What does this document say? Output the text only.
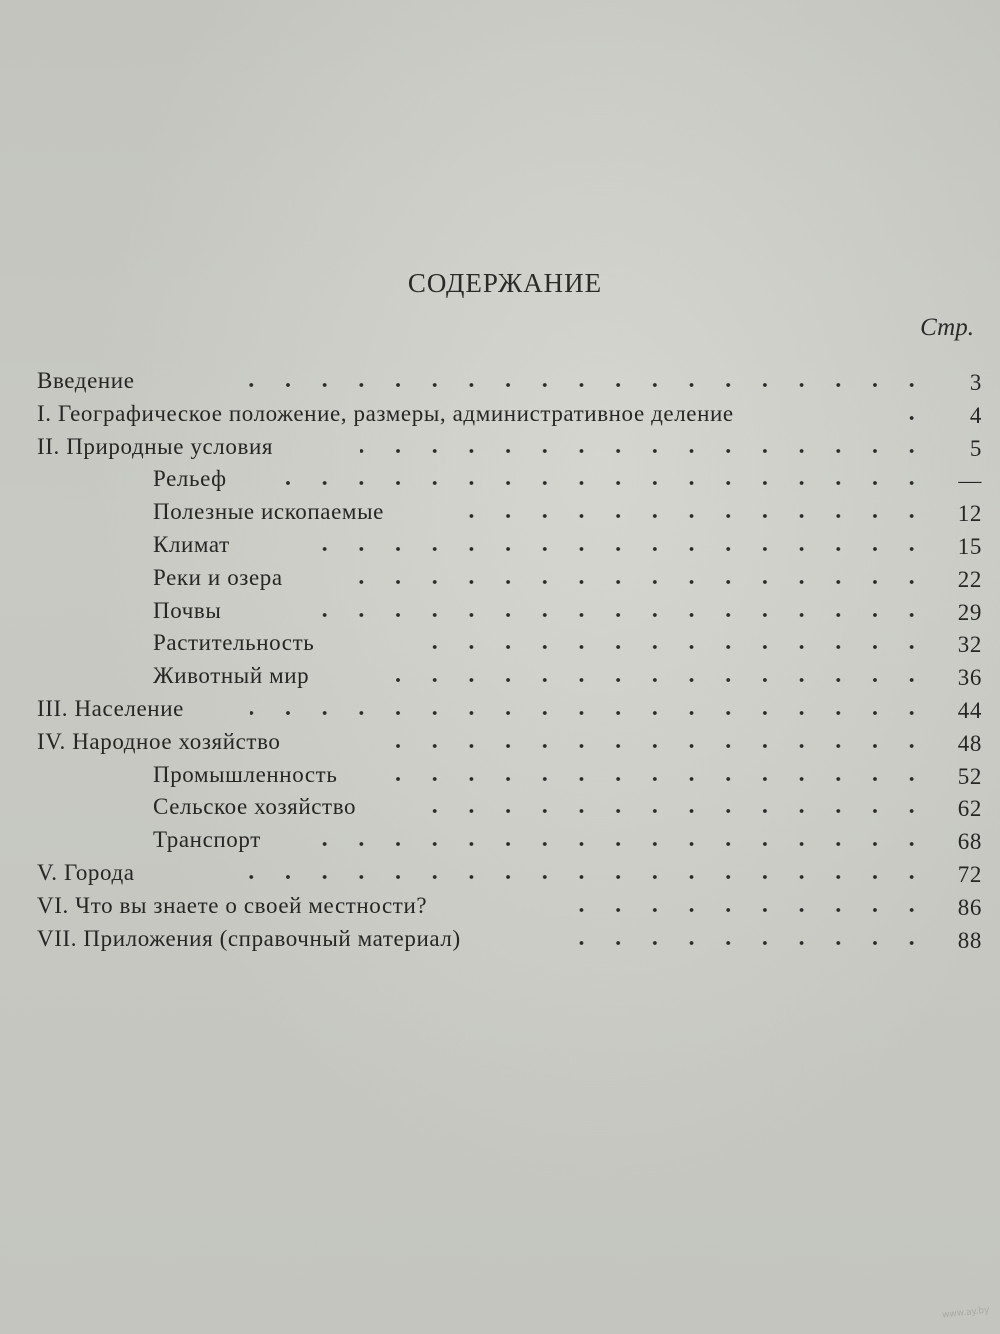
СОДЕРЖАНИЕ
Стр.
Введение	3
I. Географическое положение, размеры, административное деление	4
II. Природные условия	5
Рельеф	—
Полезные ископаемые	12
Климат	15
Реки и озера	22
Почвы	29
Растительность	32
Животный мир	36
III. Население	44
IV. Народное хозяйство	48
Промышленность	52
Сельское хозяйство	62
Транспорт	68
V. Города	72
VI. Что вы знаете о своей местности?	86
VII. Приложения (справочный материал)	88
www.ay.by
